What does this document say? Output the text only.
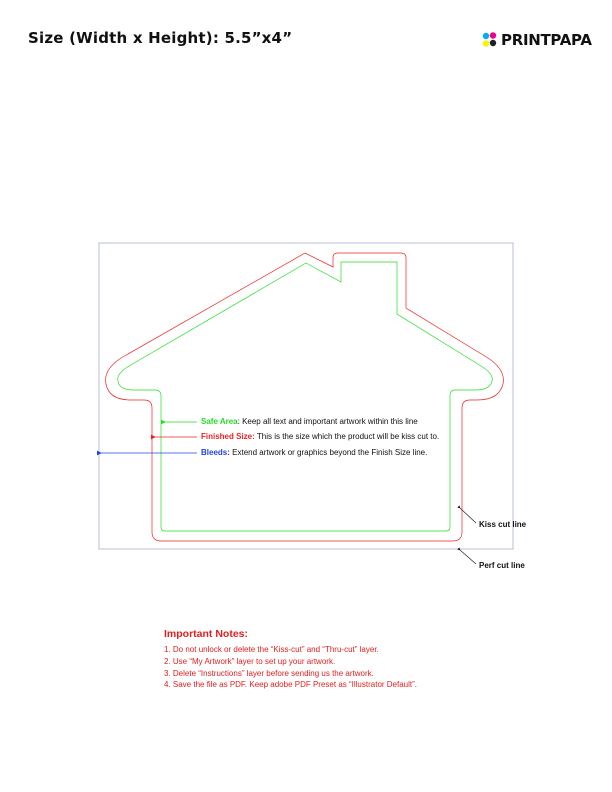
Size (Width x Height): 5.5”x4”	PRINTPAPA
Safe Area: Keep all text and important artwork within this line
Finished Size: This is the size which the product will be kiss cut to.
Bleeds: Extend artwork or graphics beyond the Finish Size line.
Kiss cut line
Perf cut line
Important Notes:
1. Do not unlock or delete the “Kiss-cut” and “Thru-cut” layer.
2. Use “My Artwork” layer to set up your artwork.
3. Delete “Instructions” layer before sending us the artwork.
4. Save the file as PDF. Keep adobe PDF Preset as “Illustrator Default”.
